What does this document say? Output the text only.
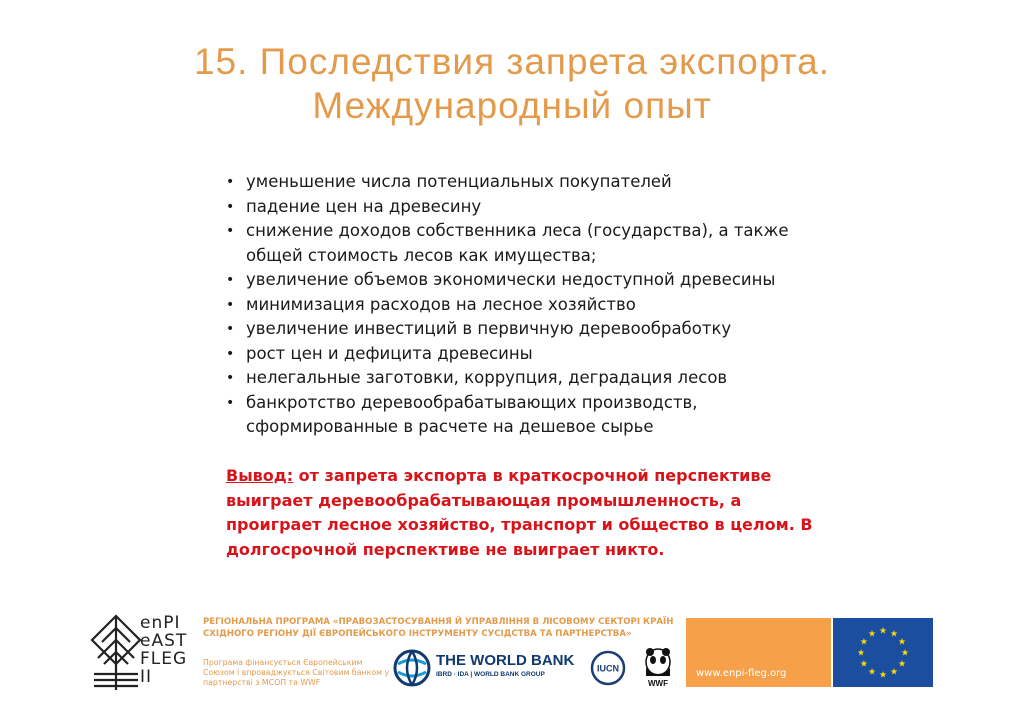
15. Последствия запрета экспорта.
Международный опыт
• уменьшение числа потенциальных покупателей
• падение цен на древесину
• снижение доходов собственника леса (государства), а также общей стоимость лесов как имущества;
• увеличение объемов экономически недоступной древесины
• минимизация расходов на лесное хозяйство
• увеличение инвестиций в первичную деревообработку
• рост цен и дефицита древесины
• нелегальные заготовки, коррупция, деградация лесов
• банкротство деревообрабатывающих производств, сформированные в расчете на дешевое сырье
Вывод: от запрета экспорта в краткосрочной перспективе выиграет деревообрабатывающая промышленность, а проиграет лесное хозяйство, транспорт и общество в целом. В долгосрочной перспективе не выиграет никто.
enPI
eAST
FLEG
II
РЕГІОНАЛЬНА ПРОГРАМА «ПРАВОЗАСТОСУВАННЯ Й УПРАВЛІННЯ В ЛІСОВОМУ СЕКТОРІ КРАЇН СХІДНОГО РЕГІОНУ ДІЇ ЄВРОПЕЙСЬКОГО ІНСТРУМЕНТУ СУСІДСТВА ТА ПАРТНЕРСТВА»
Програма фінансується Європейським Союзом і впроваджується Світовим банком у партнерстві з МСОП та WWF
THE WORLD BANK
IBRD · IDA | WORLD BANK GROUP
IUCN
WWF
www.enpi-fleg.org
★ ★
★
★
★
★
★
★
★
★
★
★
